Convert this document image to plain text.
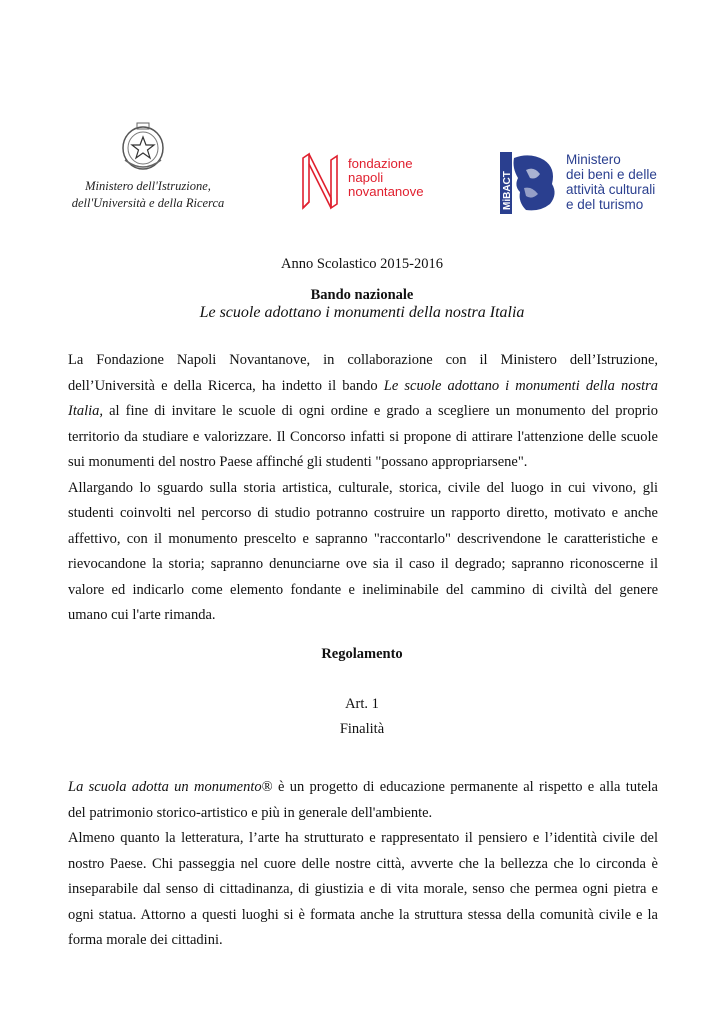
Ministero dell'Istruzione,
dell'Università e della Ricerca
fondazione
napoli
novantanove	MiBACT
Ministero
dei beni e delle
attività culturali
e del turismo
Anno Scolastico 2015-2016
Bando nazionale
Le scuole adottano i monumenti della nostra Italia
La Fondazione Napoli Novantanove, in collaborazione con il Ministero dell’Istruzione,
dell’Università e della Ricerca, ha indetto il bando Le scuole adottano i monumenti della nostra
Italia, al fine di invitare le scuole di ogni ordine e grado a scegliere un monumento del proprio
territorio da studiare e valorizzare. Il Concorso infatti si propone di attirare l'attenzione delle scuole
sui monumenti del nostro Paese affinché gli studenti "possano appropriarsene".
Allargando lo sguardo sulla storia artistica, culturale, storica, civile del luogo in cui vivono, gli
studenti coinvolti nel percorso di studio potranno costruire un rapporto diretto, motivato e anche
affettivo, con il monumento prescelto e sapranno "raccontarlo" descrivendone le caratteristiche e
rievocandone la storia; sapranno denunciarne ove sia il caso il degrado; sapranno riconoscerne il
valore ed indicarlo come elemento fondante e ineliminabile del cammino di civiltà del genere
umano cui l'arte rimanda.
Regolamento
Art. 1
Finalità
La scuola adotta un monumento® è un progetto di educazione permanente al rispetto e alla tutela
del patrimonio storico-artistico e più in generale dell'ambiente.
Almeno quanto la letteratura, l’arte ha strutturato e rappresentato il pensiero e l’identità civile del
nostro Paese. Chi passeggia nel cuore delle nostre città, avverte che la bellezza che lo circonda è
inseparabile dal senso di cittadinanza, di giustizia e di vita morale, senso che permea ogni pietra e
ogni statua. Attorno a questi luoghi si è formata anche la struttura stessa della comunità civile e la
forma morale dei cittadini.
